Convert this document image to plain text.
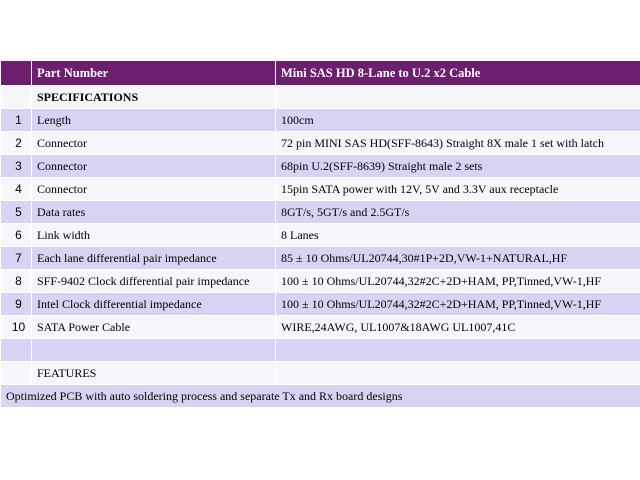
	Part Number	Mini SAS HD 8-Lane to U.2 x2 Cable
	SPECIFICATIONS	
1	Length	100cm
2	Connector	72 pin MINI SAS HD(SFF-8643) Straight 8X male 1 set with latch
3	Connector	68pin U.2(SFF-8639) Straight male 2 sets
4	Connector	15pin SATA power with 12V, 5V and 3.3V aux receptacle
5	Data rates	8GT/s, 5GT/s and 2.5GT/s
6	Link width	8 Lanes
7	Each lane differential pair impedance	85 ± 10 Ohms/UL20744,30#1P+2D,VW-1+NATURAL,HF
8	SFF-9402 Clock differential pair impedance	100 ± 10 Ohms/UL20744,32#2C+2D+HAM, PP,Tinned,VW-1,HF
9	Intel Clock differential impedance	100 ± 10 Ohms/UL20744,32#2C+2D+HAM, PP,Tinned,VW-1,HF
10	SATA Power Cable	WIRE,24AWG, UL1007&18AWG UL1007,41C

	FEATURES	
Optimized PCB with auto soldering process and separate Tx and Rx board designs		
